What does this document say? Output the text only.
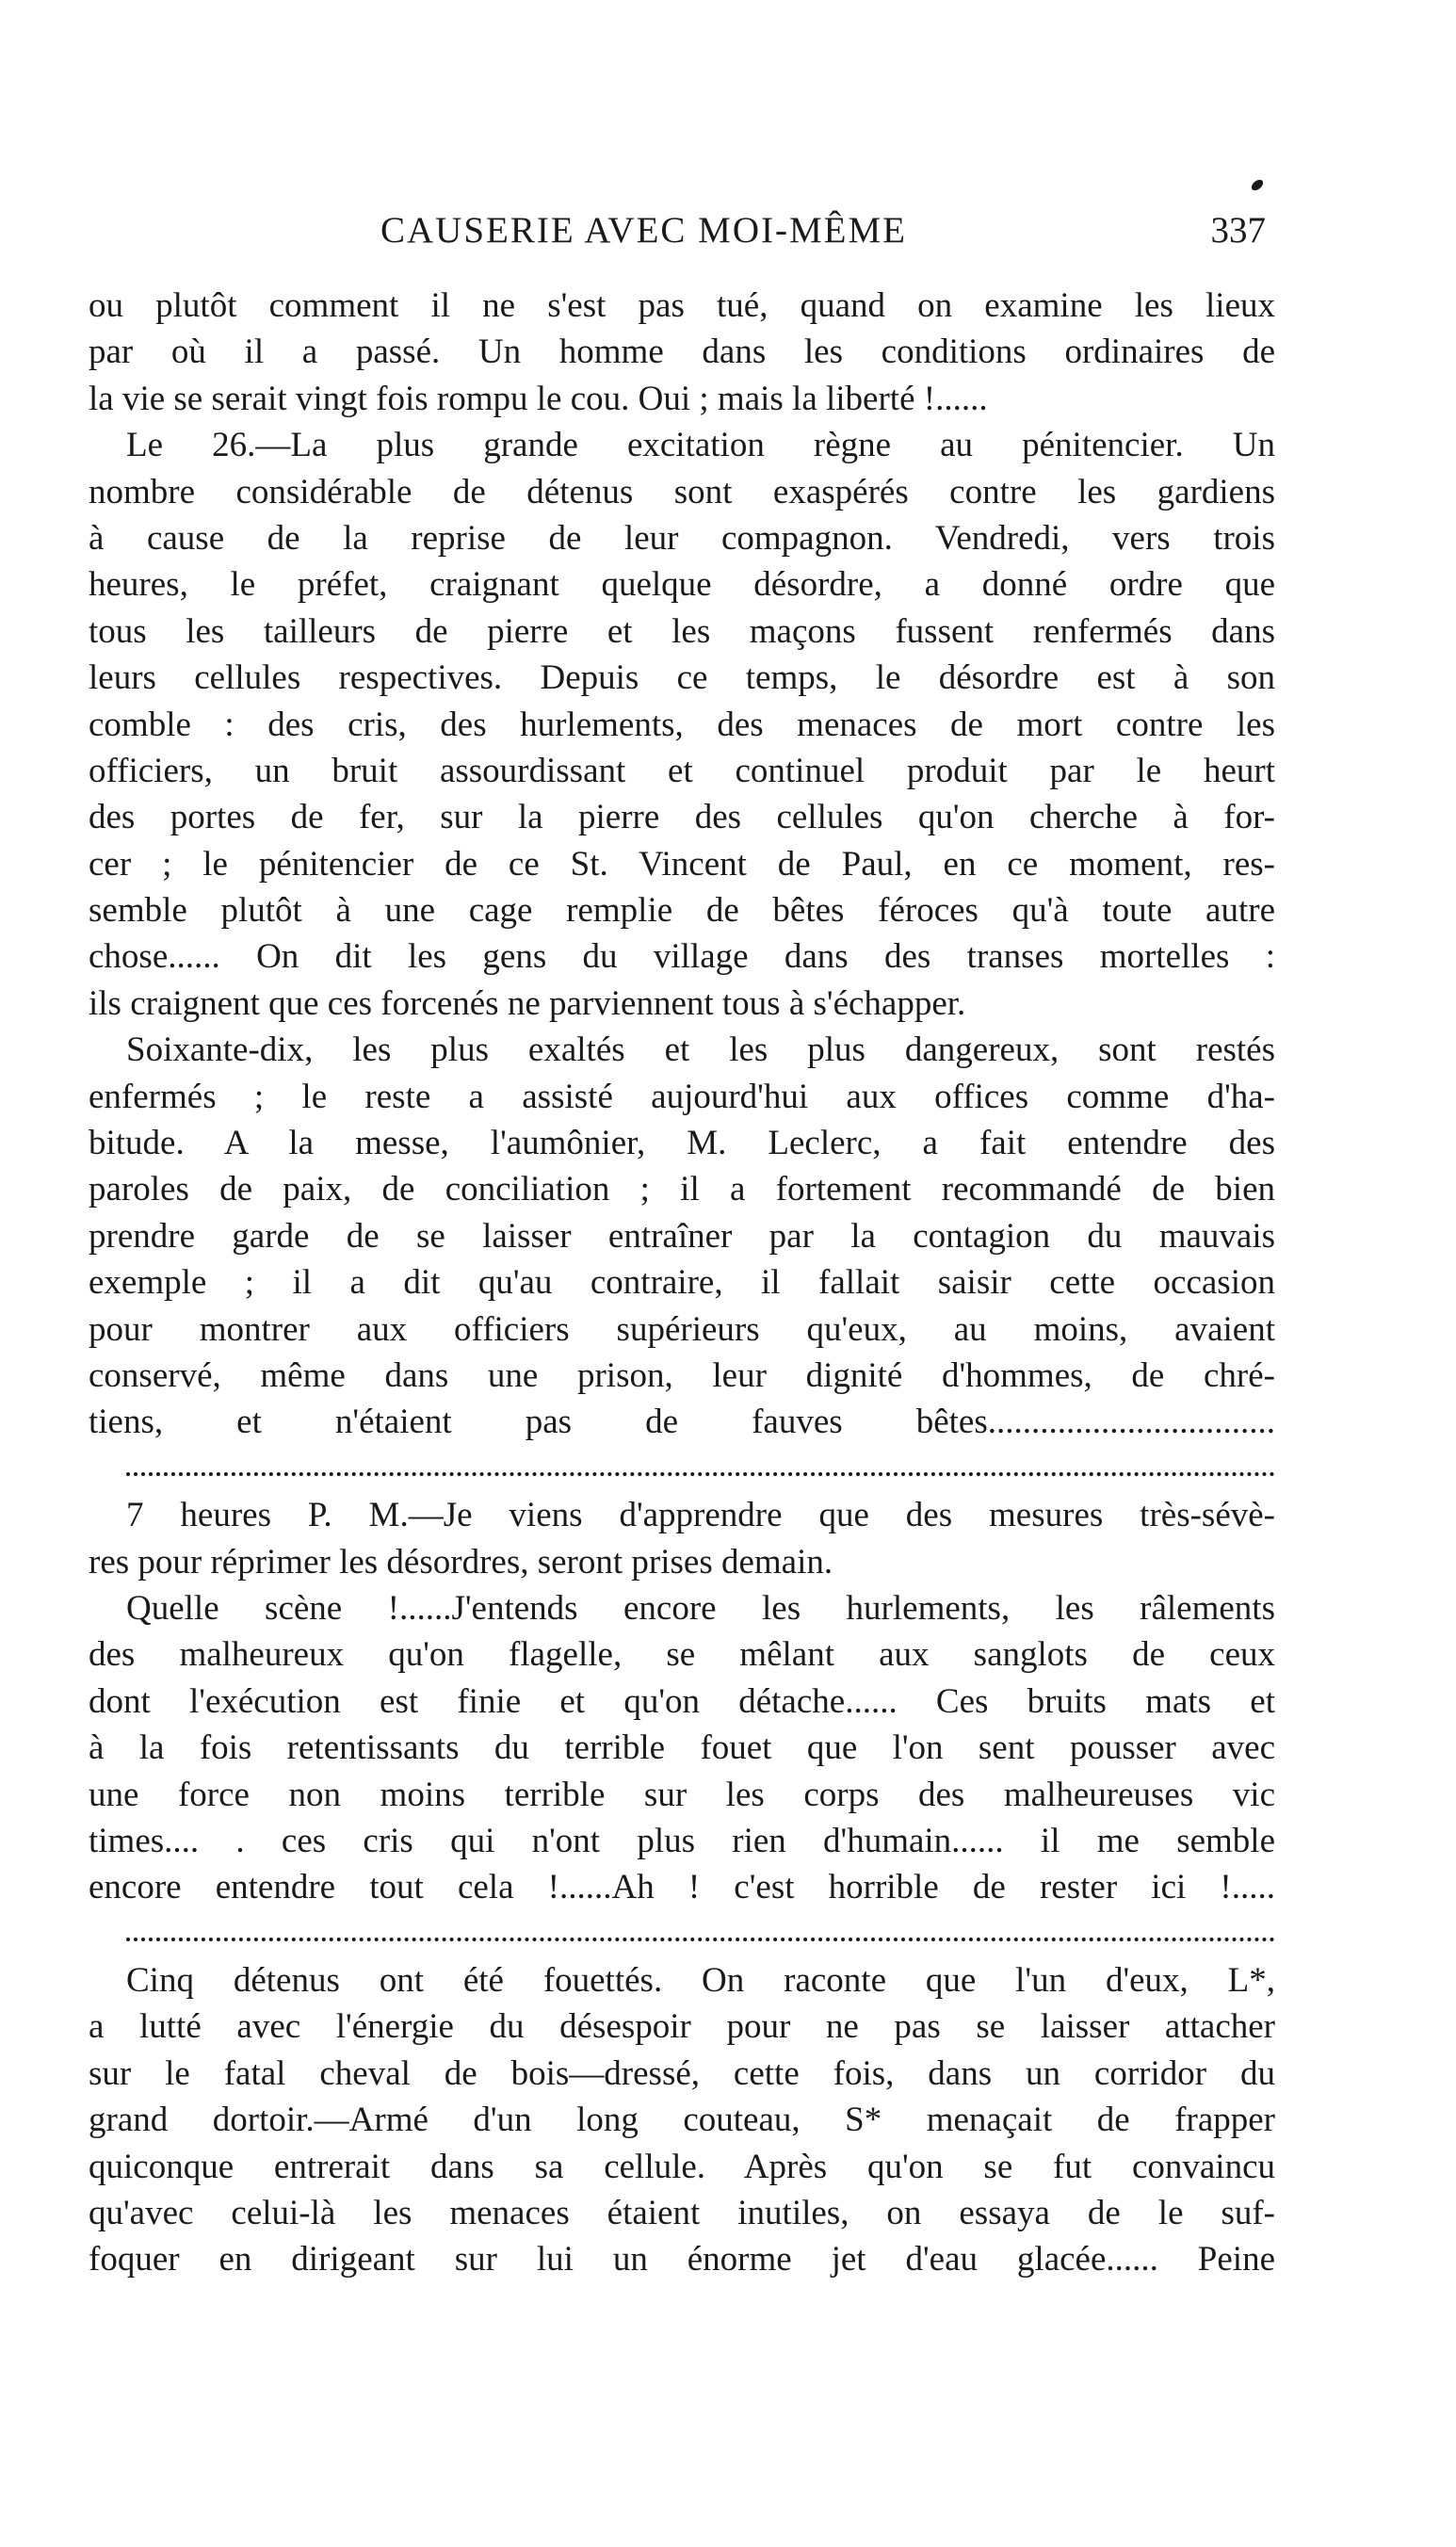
CAUSERIE AVEC MOI-MÊME	337
ou plutôt comment il ne s'est pas tué, quand on examine les lieux
par où il a passé. Un homme dans les conditions ordinaires de
la vie se serait vingt fois rompu le cou. Oui ; mais la liberté !......
Le 26.—La plus grande excitation règne au pénitencier. Un
nombre considérable de détenus sont exaspérés contre les gardiens
à cause de la reprise de leur compagnon. Vendredi, vers trois
heures, le préfet, craignant quelque désordre, a donné ordre que
tous les tailleurs de pierre et les maçons fussent renfermés dans
leurs cellules respectives. Depuis ce temps, le désordre est à son
comble : des cris, des hurlements, des menaces de mort contre les
officiers, un bruit assourdissant et continuel produit par le heurt
des portes de fer, sur la pierre des cellules qu'on cherche à for-
cer ; le pénitencier de ce St. Vincent de Paul, en ce moment, res-
semble plutôt à une cage remplie de bêtes féroces qu'à toute autre
chose...... On dit les gens du village dans des transes mortelles :
ils craignent que ces forcenés ne parviennent tous à s'échapper.
Soixante-dix, les plus exaltés et les plus dangereux, sont restés
enfermés ; le reste a assisté aujourd'hui aux offices comme d'ha-
bitude. A la messe, l'aumônier, M. Leclerc, a fait entendre des
paroles de paix, de conciliation ; il a fortement recommandé de bien
prendre garde de se laisser entraîner par la contagion du mauvais
exemple ; il a dit qu'au contraire, il fallait saisir cette occasion
pour montrer aux officiers supérieurs qu'eux, au moins, avaient
conservé, même dans une prison, leur dignité d'hommes, de chré-
tiens, et n'étaient pas de fauves bêtes.................................
7 heures P. M.—Je viens d'apprendre que des mesures très-sévè-
res pour réprimer les désordres, seront prises demain.
Quelle scène !......J'entends encore les hurlements, les râlements
des malheureux qu'on flagelle, se mêlant aux sanglots de ceux
dont l'exécution est finie et qu'on détache...... Ces bruits mats et
à la fois retentissants du terrible fouet que l'on sent pousser avec
une force non moins terrible sur les corps des malheureuses vic
times.... . ces cris qui n'ont plus rien d'humain...... il me semble
encore entendre tout cela !......Ah ! c'est horrible de rester ici !.....
Cinq détenus ont été fouettés. On raconte que l'un d'eux, L*,
a lutté avec l'énergie du désespoir pour ne pas se laisser attacher
sur le fatal cheval de bois—dressé, cette fois, dans un corridor du
grand dortoir.—Armé d'un long couteau, S* menaçait de frapper
quiconque entrerait dans sa cellule. Après qu'on se fut convaincu
qu'avec celui-là les menaces étaient inutiles, on essaya de le suf-
foquer en dirigeant sur lui un énorme jet d'eau glacée...... Peine
